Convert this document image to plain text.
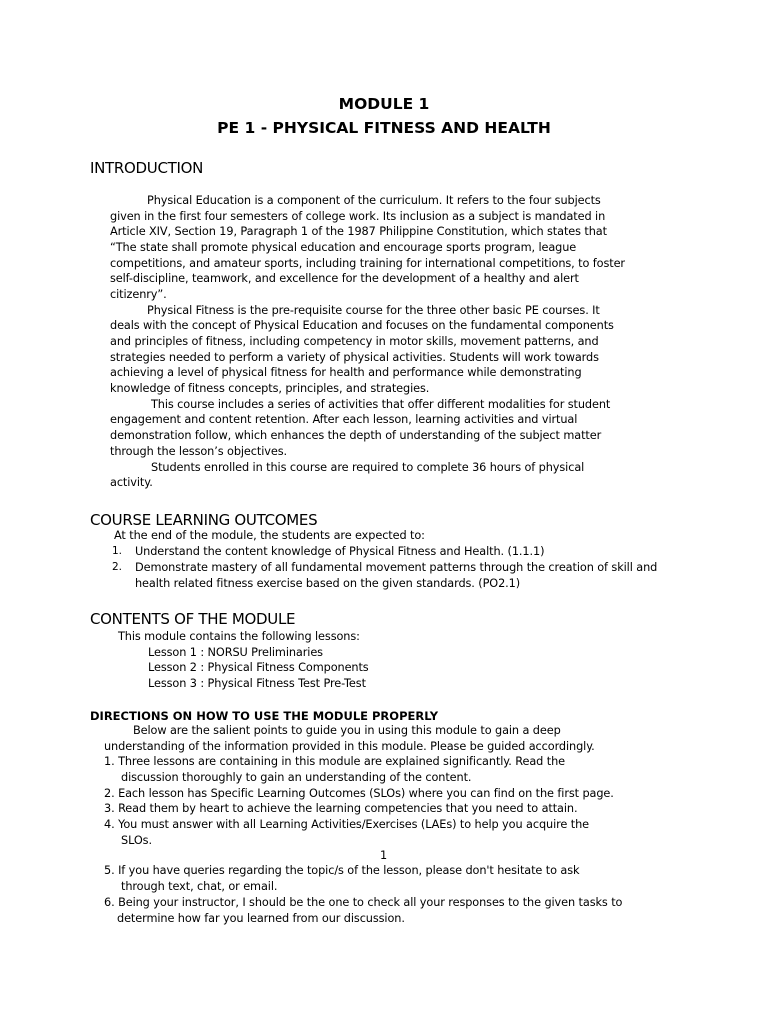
MODULE 1
PE 1 - PHYSICAL FITNESS AND HEALTH
INTRODUCTION
Physical Education is a component of the curriculum. It refers to the four subjects
given in the first four semesters of college work. Its inclusion as a subject is mandated in
Article XIV, Section 19, Paragraph 1 of the 1987 Philippine Constitution, which states that
“The state shall promote physical education and encourage sports program, league
competitions, and amateur sports, including training for international competitions, to foster
self-discipline, teamwork, and excellence for the development of a healthy and alert
citizenry”.
Physical Fitness is the pre-requisite course for the three other basic PE courses. It
deals with the concept of Physical Education and focuses on the fundamental components
and principles of fitness, including competency in motor skills, movement patterns, and
strategies needed to perform a variety of physical activities. Students will work towards
achieving a level of physical fitness for health and performance while demonstrating
knowledge of fitness concepts, principles, and strategies.
This course includes a series of activities that offer different modalities for student
engagement and content retention. After each lesson, learning activities and virtual
demonstration follow, which enhances the depth of understanding of the subject matter
through the lesson’s objectives.
Students enrolled in this course are required to complete 36 hours of physical
activity.
COURSE LEARNING OUTCOMES
At the end of the module, the students are expected to:
1. Understand the content knowledge of Physical Fitness and Health. (1.1.1)
2. Demonstrate mastery of all fundamental movement patterns through the creation of skill and
health related fitness exercise based on the given standards. (PO2.1)
CONTENTS OF THE MODULE
This module contains the following lessons:
Lesson 1 : NORSU Preliminaries
Lesson 2 : Physical Fitness Components
Lesson 3 : Physical Fitness Test Pre-Test
DIRECTIONS ON HOW TO USE THE MODULE PROPERLY
Below are the salient points to guide you in using this module to gain a deep
understanding of the information provided in this module. Please be guided accordingly.
1. Three lessons are containing in this module are explained significantly. Read the
discussion thoroughly to gain an understanding of the content.
2. Each lesson has Specific Learning Outcomes (SLOs) where you can find on the first page.
3. Read them by heart to achieve the learning competencies that you need to attain.
4. You must answer with all Learning Activities/Exercises (LAEs) to help you acquire the
SLOs.
1
5. If you have queries regarding the topic/s of the lesson, please don't hesitate to ask
through text, chat, or email.
6. Being your instructor, I should be the one to check all your responses to the given tasks to
determine how far you learned from our discussion.
